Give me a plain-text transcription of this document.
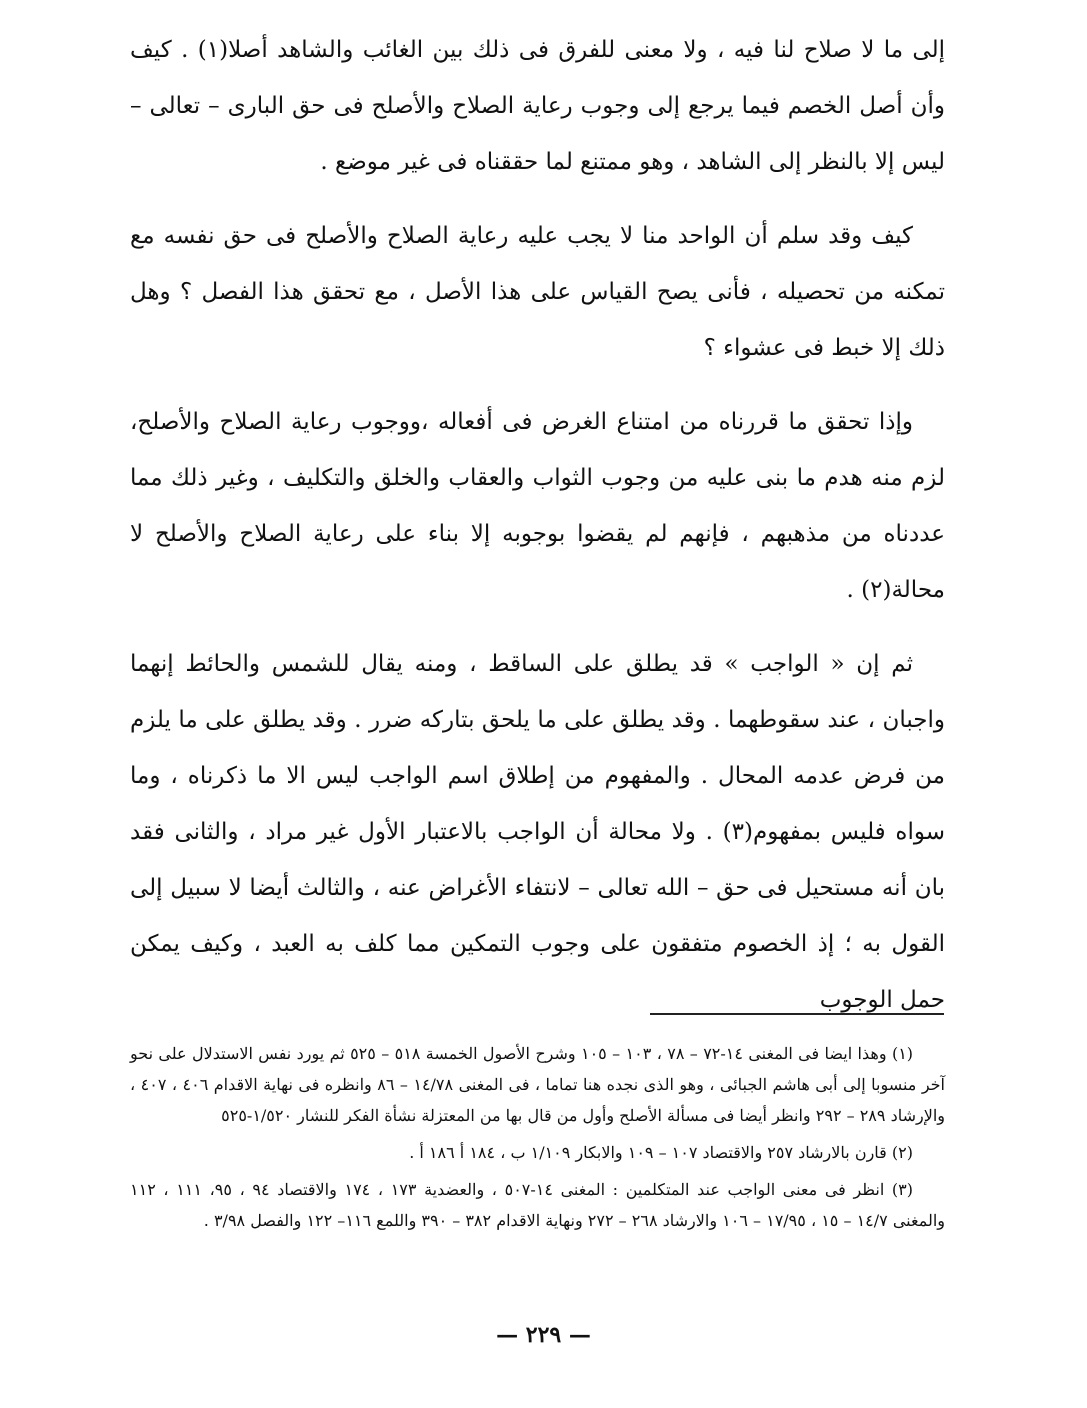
إلى ما لا صلاح لنا فيه ، ولا معنى للفرق فى ذلك بين الغائب والشاهد أصلا(١) . كيف وأن أصل الخصم فيما يرجع إلى وجوب رعاية الصلاح والأصلح فى حق البارى – تعالى – ليس إلا بالنظر إلى الشاهد ، وهو ممتنع لما حققناه فى غير موضع .

كيف وقد سلم أن الواحد منا لا يجب عليه رعاية الصلاح والأصلح فى حق نفسه مع تمكنه من تحصيله ، فأنى يصح القياس على هذا الأصل ، مع تحقق هذا الفصل ؟ وهل ذلك إلا خبط فى عشواء ؟

وإذا تحقق ما قررناه من امتناع الغرض فى أفعاله ،ووجوب رعاية الصلاح والأصلح، لزم منه هدم ما بنى عليه من وجوب الثواب والعقاب والخلق والتكليف ، وغير ذلك مما عددناه من مذهبهم ، فإنهم لم يقضوا بوجوبه إلا بناء على رعاية الصلاح والأصلح لا محالة(٢) .

ثم إن « الواجب » قد يطلق على الساقط ، ومنه يقال للشمس والحائط إنهما واجبان ، عند سقوطهما . وقد يطلق على ما يلحق بتاركه ضرر . وقد يطلق على ما يلزم من فرض عدمه المحال . والمفهوم من إطلاق اسم الواجب ليس الا ما ذكرناه ، وما سواه فليس بمفهوم(٣) . ولا محالة أن الواجب بالاعتبار الأول غير مراد ، والثانى فقد بان أنه مستحيل فى حق – الله تعالى – لانتفاء الأغراض عنه ، والثالث أيضا لا سبيل إلى القول به ؛ إذ الخصوم متفقون على وجوب التمكين مما كلف به العبد ، وكيف يمكن حمل الوجوب

(١) وهذا ايضا فى المغنى ١٤-٧٢ – ٧٨ ، ١٠٣ – ١٠٥ وشرح الأصول الخمسة ٥١٨ – ٥٢٥ ثم يورد نفس الاستدلال على نحو آخر منسوبا إلى أبى هاشم الجبائى ، وهو الذى نجده هنا تماما ، فى المغنى ١٤/٧٨ – ٨٦ وانظره فى نهاية الاقدام ٤٠٦ ، ٤٠٧ ، والإرشاد ٢٨٩ – ٢٩٢ وانظر أيضا فى مسألة الأصلح وأول من قال بها من المعتزلة نشأة الفكر للنشار ١/٥٢٠-٥٢٥

(٢) قارن بالارشاد ٢٥٧ والاقتصاد ١٠٧ – ١٠٩ والابكار ١/١٠٩ ب ، ١٨٤ أ ١٨٦ أ .

(٣) انظر فى معنى الواجب عند المتكلمين : المغنى ١٤-٥٠٧ ، والعضدية ١٧٣ ، ١٧٤ والاقتصاد ٩٤ ، ٩٥، ١١١ ، ١١٢ والمغنى ١٤/٧ – ١٥ ، ١٧/٩٥ – ١٠٦ والارشاد ٢٦٨ – ٢٧٢ ونهاية الاقدام ٣٨٢ – ٣٩٠ واللمع ١١٦– ١٢٢ والفصل ٣/٩٨ .

— ٢٢٩ —
